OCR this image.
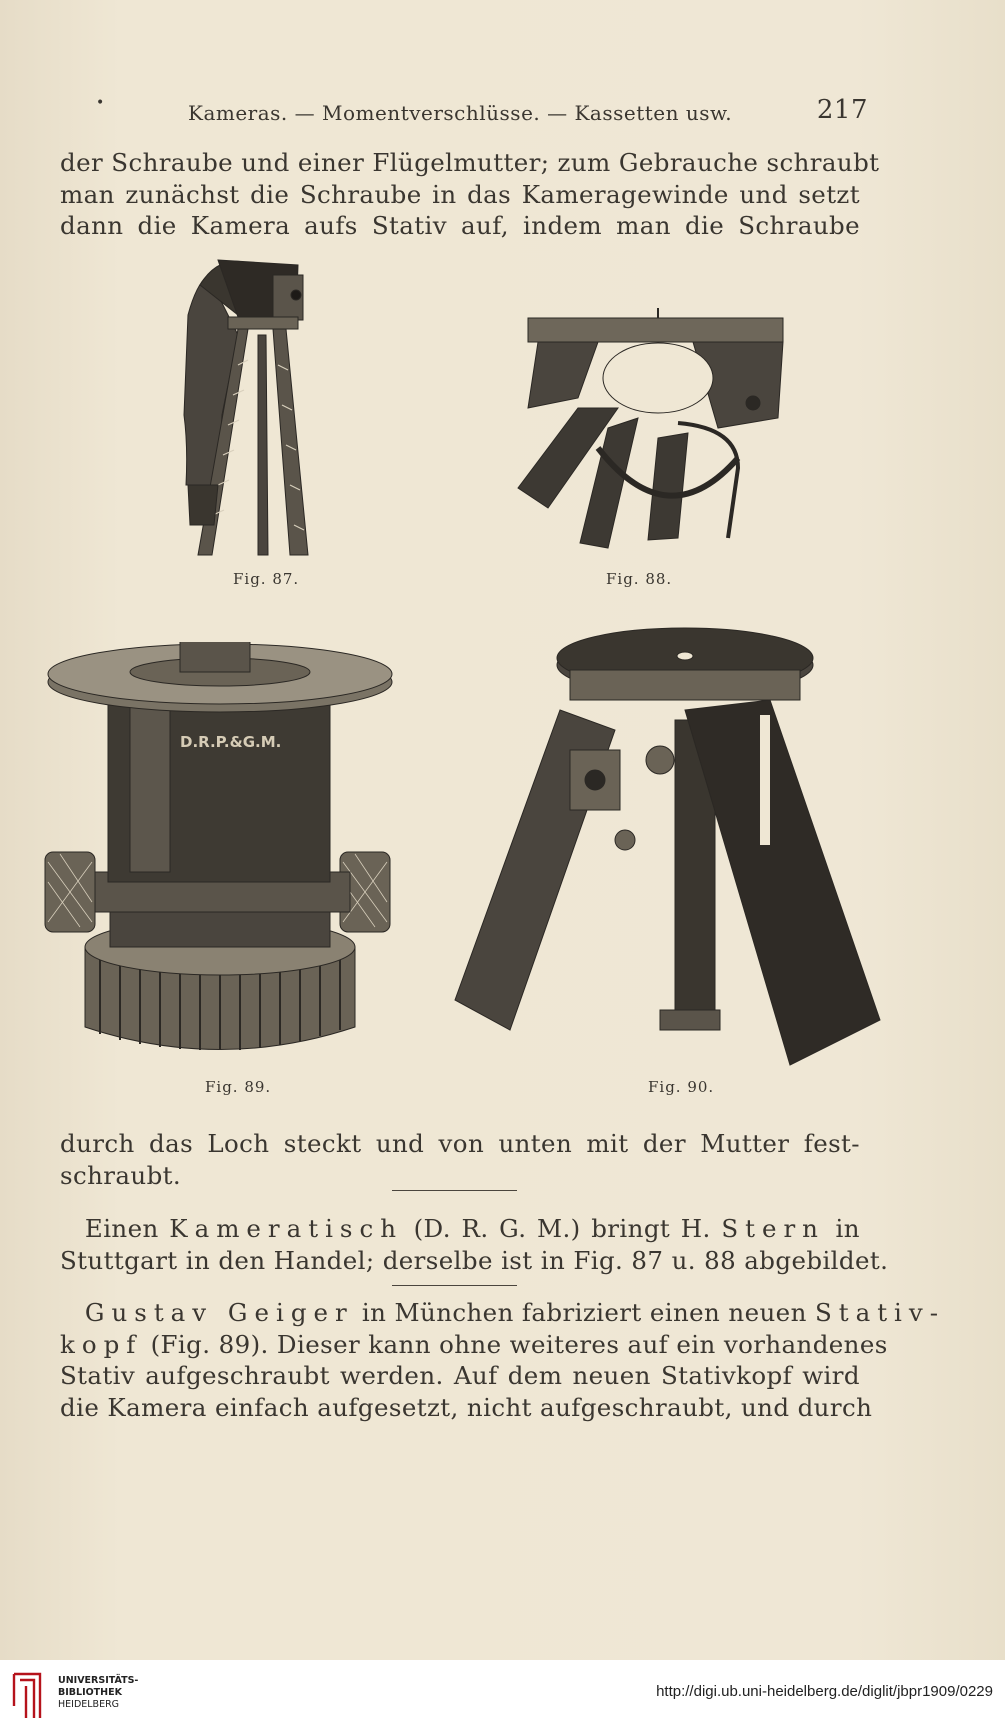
•	Kameras. — Momentverschlüsse. — Kassetten usw.	217
der Schraube und einer Flügelmutter; zum Gebrauche schraubt
man zunächst die Schraube in das Kameragewinde und setzt
dann die Kamera aufs Stativ auf, indem man die Schraube
Fig. 87.	Fig. 88.
D.R.P.&G.M.
Fig. 89.	Fig. 90.
durch das Loch steckt und von unten mit der Mutter fest-
schraubt.
 Einen Kameratisch (D. R. G. M.) bringt H. Stern in
Stuttgart in den Handel; derselbe ist in Fig. 87 u. 88 abgebildet.
 Gustav Geiger in München fabriziert einen neuen Stativ-
kopf (Fig. 89). Dieser kann ohne weiteres auf ein vorhandenes
Stativ aufgeschraubt werden. Auf dem neuen Stativkopf wird
die Kamera einfach aufgesetzt, nicht aufgeschraubt, und durch
UNIVERSITÄTS-
BIBLIOTHEK
HEIDELBERG
http://digi.ub.uni-heidelberg.de/diglit/jbpr1909/0229
